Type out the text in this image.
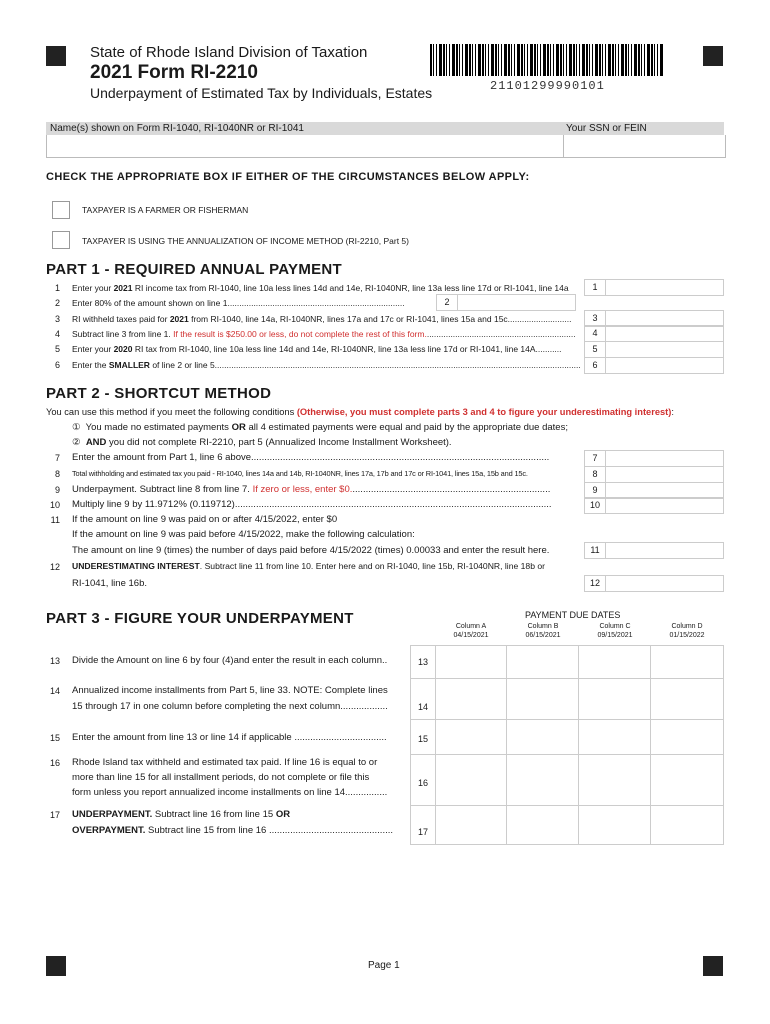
State of Rhode Island Division of Taxation
2021 Form RI-2210
Underpayment of Estimated Tax by Individuals, Estates	21101299990101
Name(s) shown on Form RI-1040, RI-1040NR or RI-1041	Your SSN or FEIN
CHECK THE APPROPRIATE BOX IF EITHER OF THE CIRCUMSTANCES BELOW APPLY:
TAXPAYER IS A FARMER OR FISHERMAN
TAXPAYER IS USING THE ANNUALIZATION OF INCOME METHOD (RI-2210, Part 5)
PART 1 - REQUIRED ANNUAL PAYMENT
1 Enter your 2021 RI income tax from RI-1040, line 10a less lines 14d and 14e, RI-1040NR, line 13a less line 17d or RI-1041, line 14a	1
2 Enter 80% of the amount shown on line 1...........................................................................	2
3 RI withheld taxes paid for 2021 from RI-1040, line 14a, RI-1040NR, lines 17a and 17c or RI-1041, lines 15a and 15c...........................	3
4 Subtract line 3 from line 1. If the result is $250.00 or less, do not complete the rest of this form................................................................	4
5 Enter your 2020 RI tax from RI-1040, line 10a less line 14d and 14e, RI-1040NR, line 13a less line 17d or RI-1041, line 14A...........	5
6 Enter the SMALLER of line 2 or line 5...........................................................................................................................................................	6
PART 2 - SHORTCUT METHOD
You can use this method if you meet the following conditions (Otherwise, you must complete parts 3 and 4 to figure your underestimating interest):
① You made no estimated payments OR all 4 estimated payments were equal and paid by the appropriate due dates;
② AND you did not complete RI-2210, part 5 (Annualized Income Installment Worksheet).
7 Enter the amount from Part 1, line 6 above.................................................................................................................	7
8 Total withholding and estimated tax you paid - RI-1040, lines 14a and 14b, RI-1040NR, lines 17a, 17b and 17c or RI-1041, lines 15a, 15b and 15c.	8
9 Underpayment. Subtract line 8 from line 7. If zero or less, enter $0............................................................................	9
10 Multiply line 9 by 11.9712% (0.119712)........................................................................................................................	10
11 If the amount on line 9 was paid on or after 4/15/2022, enter $0
If the amount on line 9 was paid before 4/15/2022, make the following calculation:
The amount on line 9 (times) the number of days paid before 4/15/2022 (times) 0.00033 and enter the result here.	11
12 UNDERESTIMATING INTEREST. Subtract line 11 from line 10. Enter here and on RI-1040, line 15b, RI-1040NR, line 18b or
RI-1041, line 16b.	12
PART 3 - FIGURE YOUR UNDERPAYMENT	PAYMENT DUE DATES
Column A
04/15/2021
Column B
06/15/2021
Column C
09/15/2021
Column D
01/15/2022
13 Divide the Amount on line 6 by four (4)and enter the result in each column..	13
14 Annualized income installments from Part 5, line 33. NOTE: Complete lines
15 through 17 in one column before completing the next column..................	14
15 Enter the amount from line 13 or line 14 if applicable ...................................	15
16 Rhode Island tax withheld and estimated tax paid. If line 16 is equal to or
more than line 15 for all installment periods, do not complete or file this
form unless you report annualized income installments on line 14................
16
17 UNDERPAYMENT. Subtract line 16 from line 15 OR
OVERPAYMENT. Subtract line 15 from line 16 ...............................................	17
Page 1
